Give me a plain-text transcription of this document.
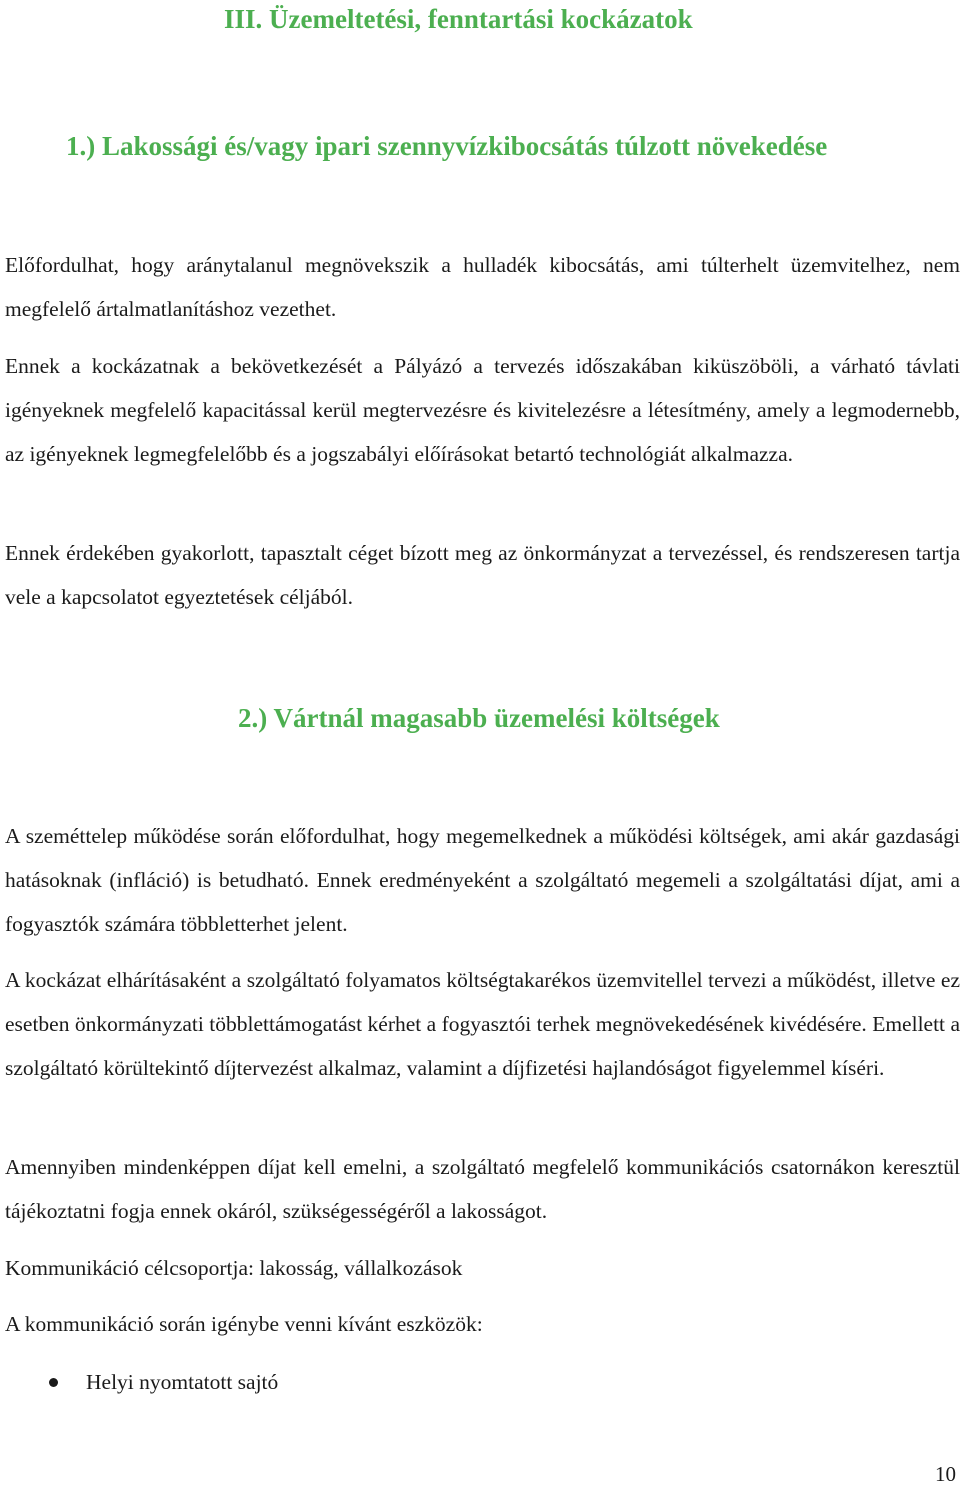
III. Üzemeltetési, fenntartási kockázatok
1.) Lakossági és/vagy ipari szennyvízkibocsátás túlzott növekedése

Előfordulhat, hogy aránytalanul megnövekszik a hulladék kibocsátás, ami túlterhelt üzemvitelhez, nem megfelelő ártalmatlanításhoz vezethet.

Ennek a kockázatnak a bekövetkezését a Pályázó a tervezés időszakában kiküszöböli, a várható távlati igényeknek megfelelő kapacitással kerül megtervezésre és kivitelezésre a létesítmény, amely a legmodernebb, az igényeknek legmegfelelőbb és a jogszabályi előírásokat betartó technológiát alkalmazza.

Ennek érdekében gyakorlott, tapasztalt céget bízott meg az önkormányzat a tervezéssel, és rendszeresen tartja vele a kapcsolatot egyeztetések céljából.

2.) Vártnál magasabb üzemelési költségek

A szeméttelep működése során előfordulhat, hogy megemelkednek a működési költségek, ami akár gazdasági hatásoknak (infláció) is betudható. Ennek eredményeként a szolgáltató megemeli a szolgáltatási díjat, ami a fogyasztók számára többletterhet jelent.

A kockázat elhárításaként a szolgáltató folyamatos költségtakarékos üzemvitellel tervezi a működést, illetve ez esetben önkormányzati többlettámogatást kérhet a fogyasztói terhek megnövekedésének kivédésére. Emellett a szolgáltató körültekintő díjtervezést alkalmaz, valamint a díjfizetési hajlandóságot figyelemmel kíséri.

Amennyiben mindenképpen díjat kell emelni, a szolgáltató megfelelő kommunikációs csatornákon keresztül tájékoztatni fogja ennek okáról, szükségességéről a lakosságot.

Kommunikáció célcsoportja: lakosság, vállalkozások

A kommunikáció során igénybe venni kívánt eszközök:

Helyi nyomtatott sajtó
10
